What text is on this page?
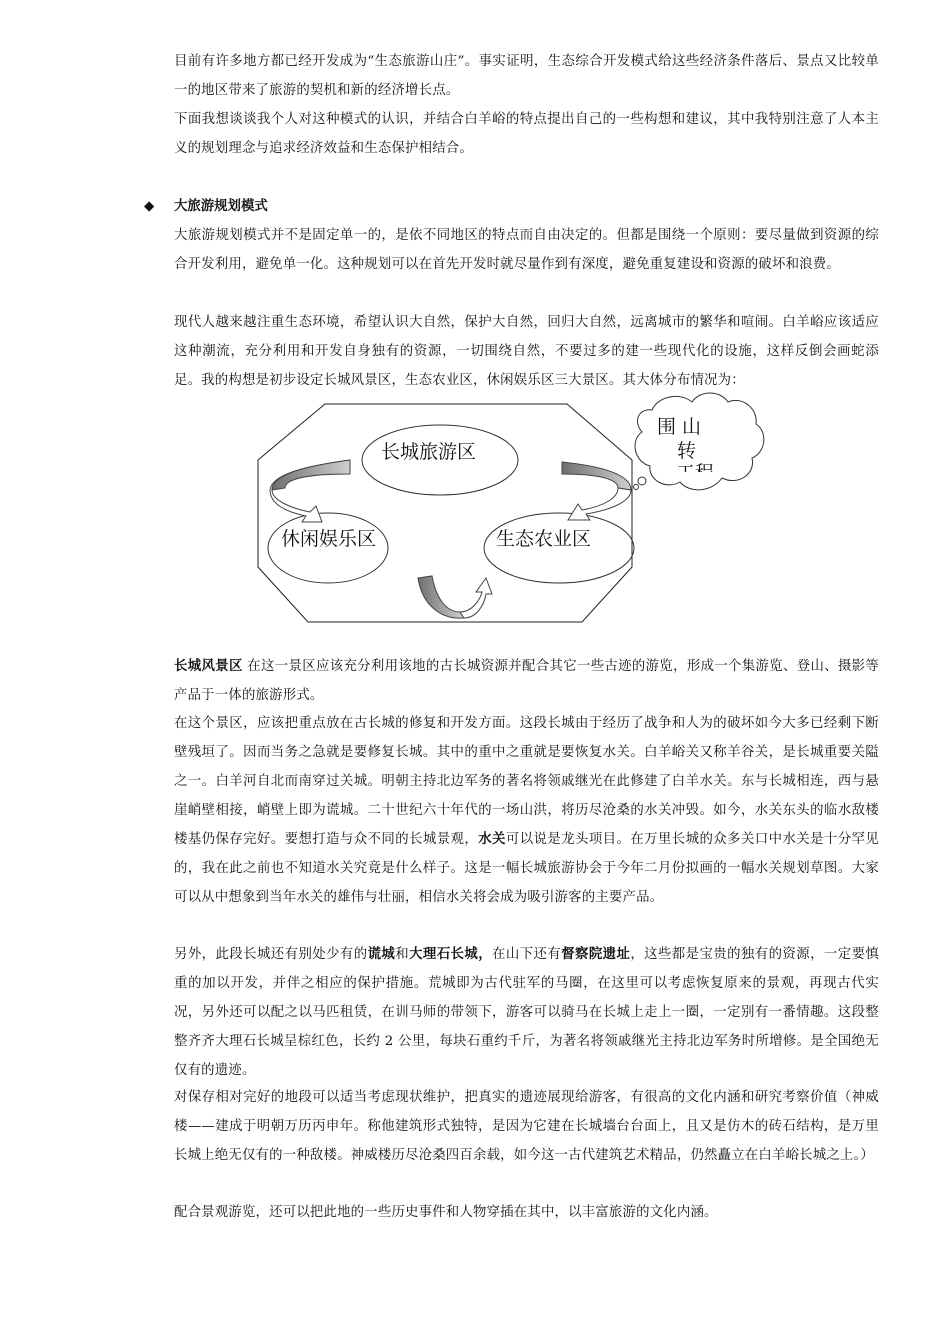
目前有许多地方都已经开发成为“生态旅游山庄”。事实证明，生态综合开发模式给这些经济条件落后、景点又比较单一的地区带来了旅游的契机和新的经济增长点。

下面我想谈谈我个人对这种模式的认识，并结合白羊峪的特点提出自己的一些构想和建议，其中我特别注意了人本主义的规划理念与追求经济效益和生态保护相结合。

◆ 大旅游规划模式

大旅游规划模式并不是固定单一的，是依不同地区的特点而自由决定的。但都是围绕一个原则：要尽量做到资源的综合开发利用，避免单一化。这种规划可以在首先开发时就尽量作到有深度，避免重复建设和资源的破坏和浪费。

现代人越来越注重生态环境，希望认识大自然，保护大自然，回归大自然，远离城市的繁华和喧闹。白羊峪应该适应这种潮流，充分利用和开发自身独有的资源，一切围绕自然，不要过多的建一些现代化的设施，这样反倒会画蛇添足。我的构想是初步设定长城风景区，生态农业区，休闲娱乐区三大景区。其大体分布情况为：

围 山
转
长城旅游区
休闲娱乐区	生态农业区

长城风景区 在这一景区应该充分利用该地的古长城资源并配合其它一些古迹的游览，形成一个集游览、登山、摄影等产品于一体的旅游形式。

在这个景区，应该把重点放在古长城的修复和开发方面。这段长城由于经历了战争和人为的破坏如今大多已经剩下断壁残垣了。因而当务之急就是要修复长城。其中的重中之重就是要恢复水关。白羊峪关又称羊谷关，是长城重要关隘之一。白羊河自北而南穿过关城。明朝主持北边军务的著名将领戚继光在此修建了白羊水关。东与长城相连，西与悬崖峭壁相接，峭壁上即为谎城。二十世纪六十年代的一场山洪，将历尽沧桑的水关冲毁。如今，水关东头的临水敌楼楼基仍保存完好。要想打造与众不同的长城景观，水关可以说是龙头项目。在万里长城的众多关口中水关是十分罕见的，我在此之前也不知道水关究竟是什么样子。这是一幅长城旅游协会于今年二月份拟画的一幅水关规划草图。大家可以从中想象到当年水关的雄伟与壮丽，相信水关将会成为吸引游客的主要产品。

另外，此段长城还有别处少有的谎城和大理石长城，在山下还有督察院遗址，这些都是宝贵的独有的资源，一定要慎重的加以开发，并伴之相应的保护措施。荒城即为古代驻军的马圈，在这里可以考虑恢复原来的景观，再现古代实况，另外还可以配之以马匹租赁，在训马师的带领下，游客可以骑马在长城上走上一圈，一定别有一番情趣。这段整整齐齐大理石长城呈棕红色，长约 2 公里，每块石重约千斤，为著名将领戚继光主持北边军务时所增修。是全国绝无仅有的遗迹。

对保存相对完好的地段可以适当考虑现状维护，把真实的遗迹展现给游客，有很高的文化内涵和研究考察价值（神威楼——建成于明朝万历丙申年。称他建筑形式独特，是因为它建在长城墙台台面上，且又是仿木的砖石结构，是万里长城上绝无仅有的一种敌楼。神威楼历尽沧桑四百余载，如今这一古代建筑艺术精品，仍然矗立在白羊峪长城之上。）

配合景观游览，还可以把此地的一些历史事件和人物穿插在其中，以丰富旅游的文化内涵。
